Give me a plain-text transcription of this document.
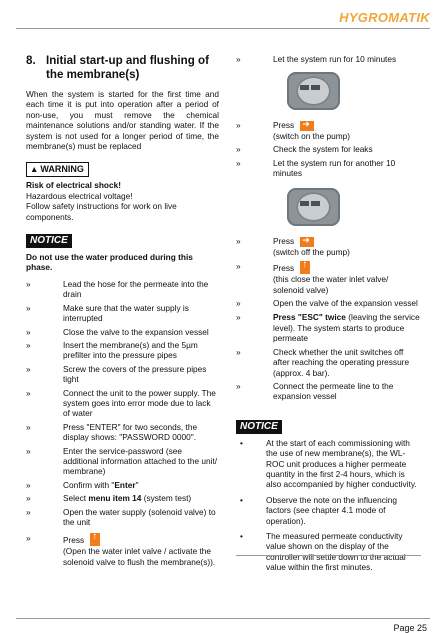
HYGROMATIK
8. Initial start-up and flushing of the membrane(s)
When the system is started for the first time and each time it is put into operation after a period of non-use, you must remove the chemical maintenance solutions and/or standing water. If the system is not used for a longer period of time, the membrane(s) must be replaced
▲ WARNING
Risk of electrical shock!
Hazardous electrical voltage!
Follow safety instructions for work on live components.
NOTICE
Do not use the water produced during this phase.
»	Lead the hose for the permeate into the drain
»	Make sure that the water supply is interrupted
»	Close the valve to the expansion vessel
»	Insert the membrane(s) and the 5µm prefilter into the pressure pipes
»	Screw the covers of the pressure pipes tight
»	Connect the unit to the power supply. The system goes into error mode due to lack of water
»	Press "ENTER" for two seconds, the display shows: "PASSWORD 0000".
»	Enter the service-password (see additional information attached to the unit/ membrane)
»	Confirm with "Enter"
»	Select menu item 14 (system test)
»	Open the water supply (solenoid valve) to the unit
»	Press
↑
(Open the water inlet valve / activate the solenoid valve to flush the membrane(s)).
»	Let the system run for 10 minutes
»	Press
➜
(switch on the pump)
»	Check the system for leaks
»	Let the system run for another 10 minutes
»	Press
➜
(switch off the pump)
»	Press
↑
(this close the water inlet valve/ solenoid valve)
»	Open the valve of the expansion vessel
»	Press "ESC" twice (leaving the service level). The system starts to produce permeate
»	Check whether the unit switches off after reaching the operating pressure (approx. 4 bar).
»	Connect the permeate line to the expansion vessel
NOTICE
•	At the start of each commissioning with the use of new membrane(s), the WL-ROC unit produces a higher permeate quantity in the first 2-4 hours, which is also accompanied by higher conductivity.
•	Observe the note on the influencing factors (see chapter 4.1 mode of operation).
•	The measured permeate conductivity value shown on the display of the controller will settle down to the actual value within the first minutes.
Page 25
